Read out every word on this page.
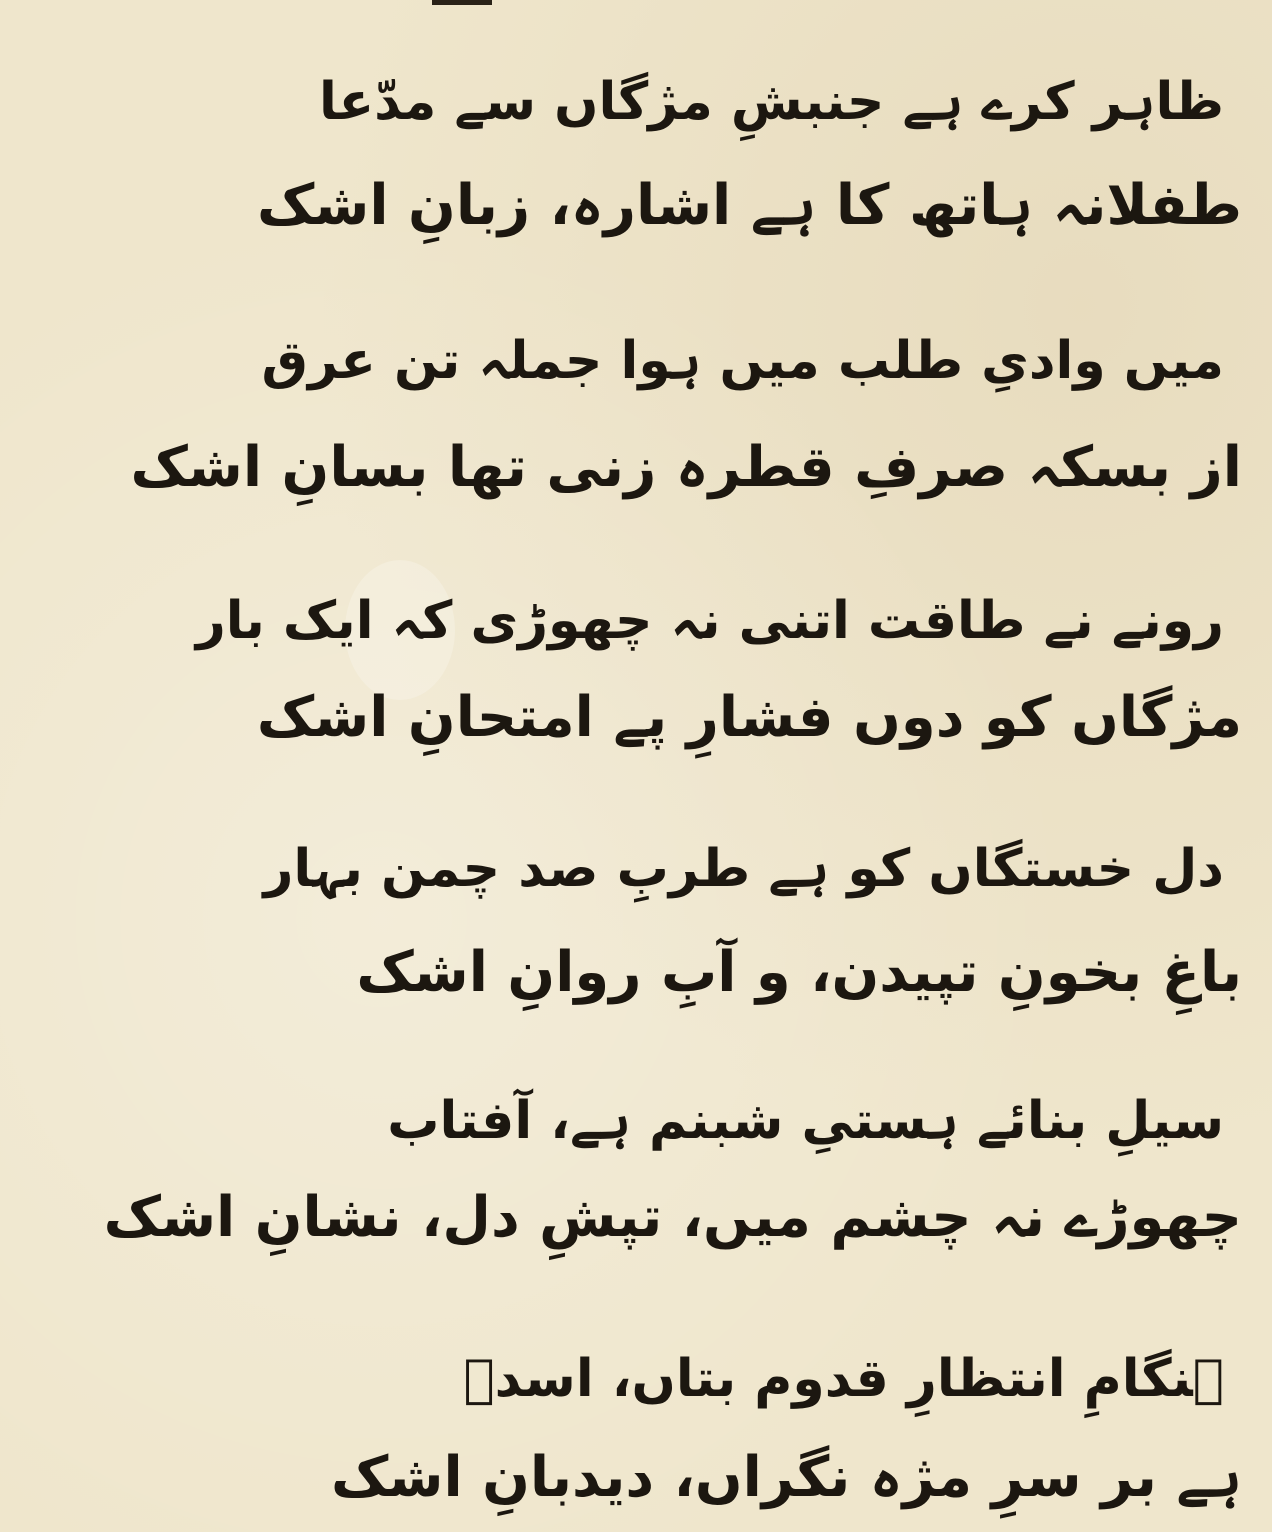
ظاہر کرے ہے جنبشِ مژگاں سے مدّعا
طفلانہ ہاتھ کا ہے اشارہ، زبانِ اشک
میں وادیِ طلب میں ہوا جملہ تن عرق
از بسکہ صرفِ قطرہ زنی تھا بسانِ اشک
رونے نے طاقت اتنی نہ چھوڑی کہ ایک بار
مژگاں کو دوں فشارِ پے امتحانِ اشک
دل خستگاں کو ہے طربِ صد چمن بہار
باغِ بخونِ تپیدن، و آبِ روانِ اشک
سیلِ بنائے ہستیِ شبنم ہے، آفتاب
چھوڑے نہ چشم میں، تپشِ دل، نشانِ اشک
ہنگامِ انتظارِ قدوم بتاں، اسدؔ
ہے بر سرِ مژہ نگراں، دیدبانِ اشک
